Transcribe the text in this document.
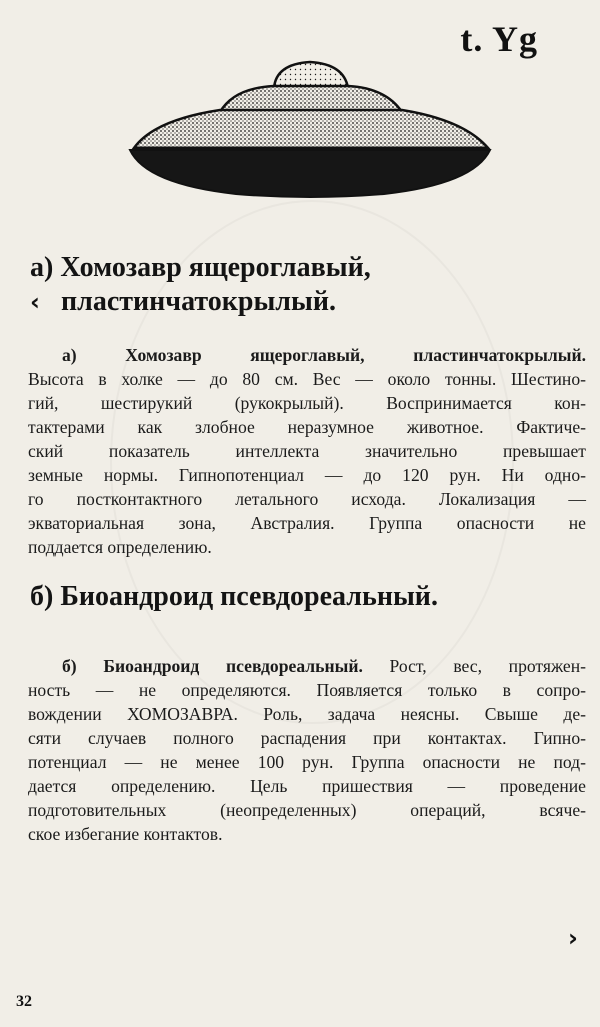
t. Yg
а) Хомозавр ящероглавый,
пластинчатокрылый.
‹
а) Хомозавр ящероглавый, пластинчатокрылый.
Высота в холке — до 80 см. Вес — около тонны. Шестино-
гий, шестирукий (рукокрылый). Воспринимается кон-
тактерами как злобное неразумное животное. Фактиче-
ский показатель интеллекта значительно превышает
земные нормы. Гипнопотенциал — до 120 рун. Ни одно-
го постконтактного летального исхода. Локализация —
экваториальная зона, Австралия. Группа опасности не
поддается определению.
б) Биоандроид псевдореальный.
б) Биоандроид псевдореальный. Рост, вес, протяжен-
ность — не определяются. Появляется только в сопро-
вождении ХОМОЗАВРА. Роль, задача неясны. Свыше де-
сяти случаев полного распадения при контактах. Гипно-
потенциал — не менее 100 рун. Группа опасности не под-
дается определению. Цель пришествия — проведение
подготовительных (неопределенных) операций, всяче-
ское избегание контактов.
›
32
